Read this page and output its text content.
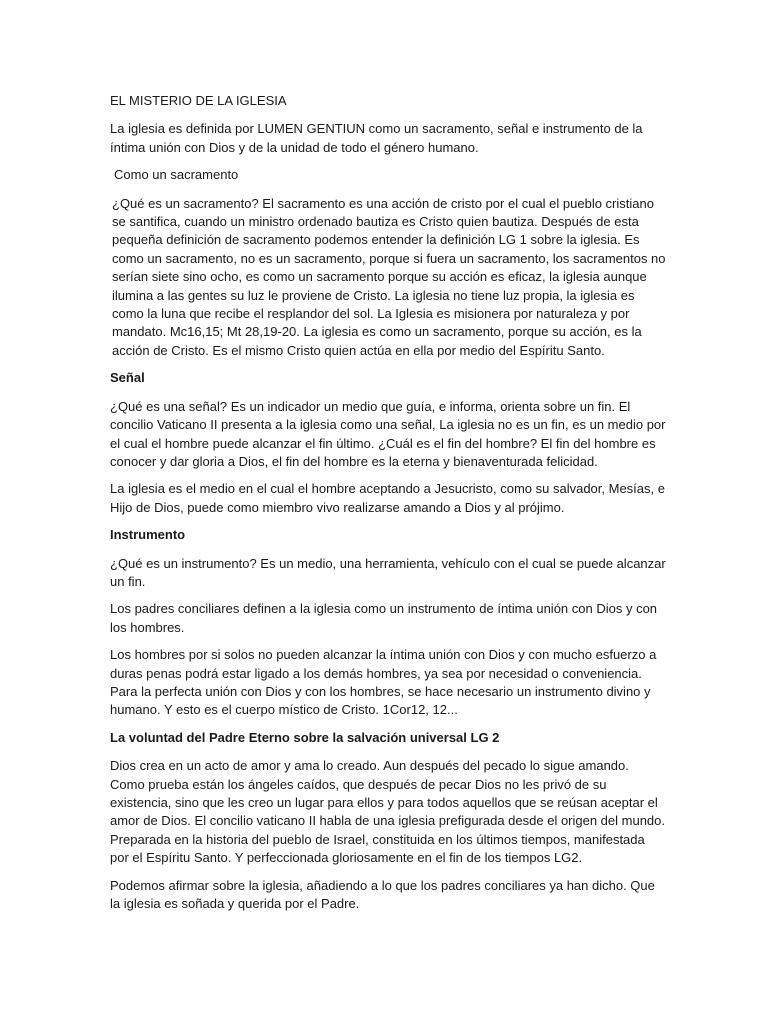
EL MISTERIO DE LA IGLESIA

La iglesia es definida por LUMEN GENTIUN como un sacramento, señal e instrumento de la íntima unión con Dios y de la unidad de todo el género humano.

Como un sacramento

¿Qué es un sacramento? El sacramento es una acción de cristo por el cual el pueblo cristiano se santifica, cuando un ministro ordenado bautiza es Cristo quien bautiza. Después de esta pequeña definición de sacramento podemos entender la definición LG 1 sobre la iglesia. Es como un sacramento, no es un sacramento, porque si fuera un sacramento, los sacramentos no serían siete sino ocho, es como un sacramento porque su acción es eficaz, la iglesia aunque ilumina a las gentes su luz le proviene de Cristo. La iglesia no tiene luz propia, la iglesia es como la luna que recibe el resplandor del sol. La Iglesia es misionera por naturaleza y por mandato. Mc16,15; Mt 28,19-20. La iglesia es como un sacramento, porque su acción, es la acción de Cristo. Es el mismo Cristo quien actúa en ella por medio del Espíritu Santo.

Señal

¿Qué es una señal? Es un indicador un medio que guía, e informa, orienta sobre un fin. El concilio Vaticano II presenta a la iglesia como una señal, La iglesia no es un fin, es un medio por el cual el hombre puede alcanzar el fin último. ¿Cuál es el fin del hombre? El fin del hombre es conocer y dar gloria a Dios, el fin del hombre es la eterna y bienaventurada felicidad.

La iglesia es el medio en el cual el hombre aceptando a Jesucristo, como su salvador, Mesías, e Hijo de Dios, puede como miembro vivo realizarse amando a Dios y al prójimo.

Instrumento

¿Qué es un instrumento? Es un medio, una herramienta, vehículo con el cual se puede alcanzar un fin.

Los padres conciliares definen a la iglesia como un instrumento de íntima unión con Dios y con los hombres.

Los hombres por si solos no pueden alcanzar la íntima unión con Dios y con mucho esfuerzo a duras penas podrá estar ligado a los demás hombres, ya sea por necesidad o conveniencia. Para la perfecta unión con Dios y con los hombres, se hace necesario un instrumento divino y humano. Y esto es el cuerpo místico de Cristo. 1Cor12, 12...

La voluntad del Padre Eterno sobre la salvación universal LG 2

Dios crea en un acto de amor y ama lo creado. Aun después del pecado lo sigue amando. Como prueba están los ángeles caídos, que después de pecar Dios no les privó de su existencia, sino que les creo un lugar para ellos y para todos aquellos que se reúsan aceptar el amor de Dios. El concilio vaticano II habla de una iglesia prefigurada desde el origen del mundo. Preparada en la historia del pueblo de Israel, constituida en los últimos tiempos, manifestada por el Espíritu Santo. Y perfeccionada gloriosamente en el fin de los tiempos LG2.

Podemos afirmar sobre la iglesia, añadiendo a lo que los padres conciliares ya han dicho. Que la iglesia es soñada y querida por el Padre.
